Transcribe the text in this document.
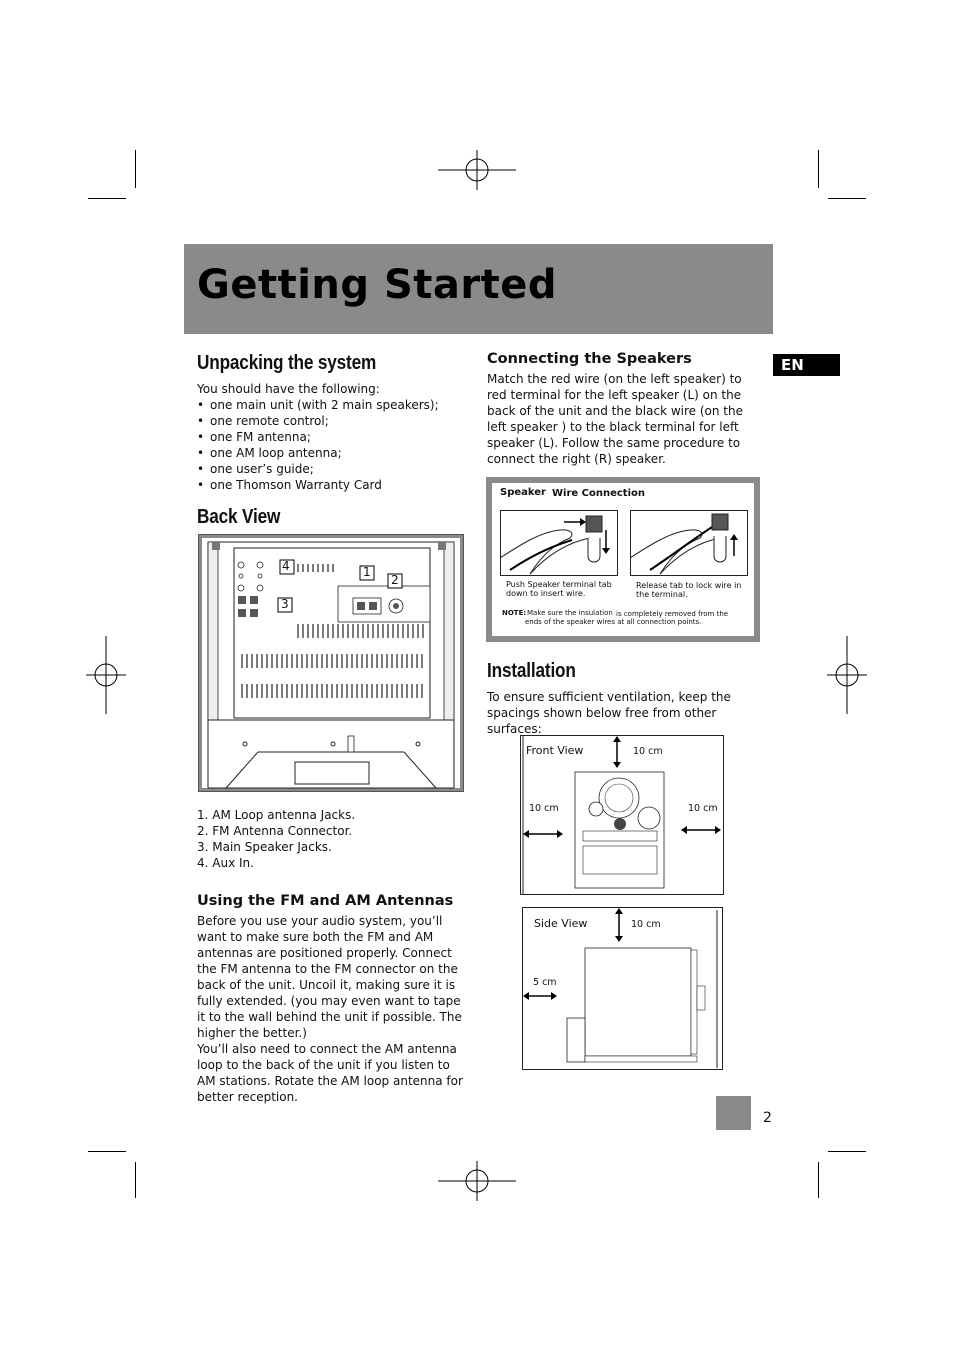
Getting Started
EN
Unpacking the system

You should have the following:

• one main unit (with 2 main speakers);
• one remote control;
• one FM antenna;
• one AM loop antenna;
• one user’s guide;
• one Thomson Warranty Card
Back View
4	1
2
3
1. AM Loop antenna Jacks.
2. FM Antenna Connector.
3. Main Speaker Jacks.
4. Aux In.
Using the FM and AM Antennas

Before you use your audio system, you’ll want to make sure both the FM and AM antennas are positioned properly. Connect the FM antenna to the FM connector on the back of the unit. Uncoil it, making sure it is fully extended. (you may even want to tape it to the wall behind the unit if possible. The higher the better.)

You’ll also need to connect the AM antenna loop to the back of the unit if you listen to AM stations. Rotate the AM loop antenna for better reception.

Connecting the Speakers
Match the red wire (on the left speaker) to red terminal for the left speaker (L) on the back of the unit and the black wire (on the left speaker ) to the black terminal for left speaker (L). Follow the same procedure to connect the right (R) speaker.
Speaker Wire Connection
Push Speaker terminal tab down to insert wire.
Release tab to lock wire in the terminal.
NOTE: Make sure the insulation is completely removed from the
ends of the speaker wires at all connection points.
Installation
To ensure sufficient ventilation, keep the spacings shown below free from other surfaces:
Front View	10 cm
10 cm	10 cm
Side View	10 cm
5 cm
2
